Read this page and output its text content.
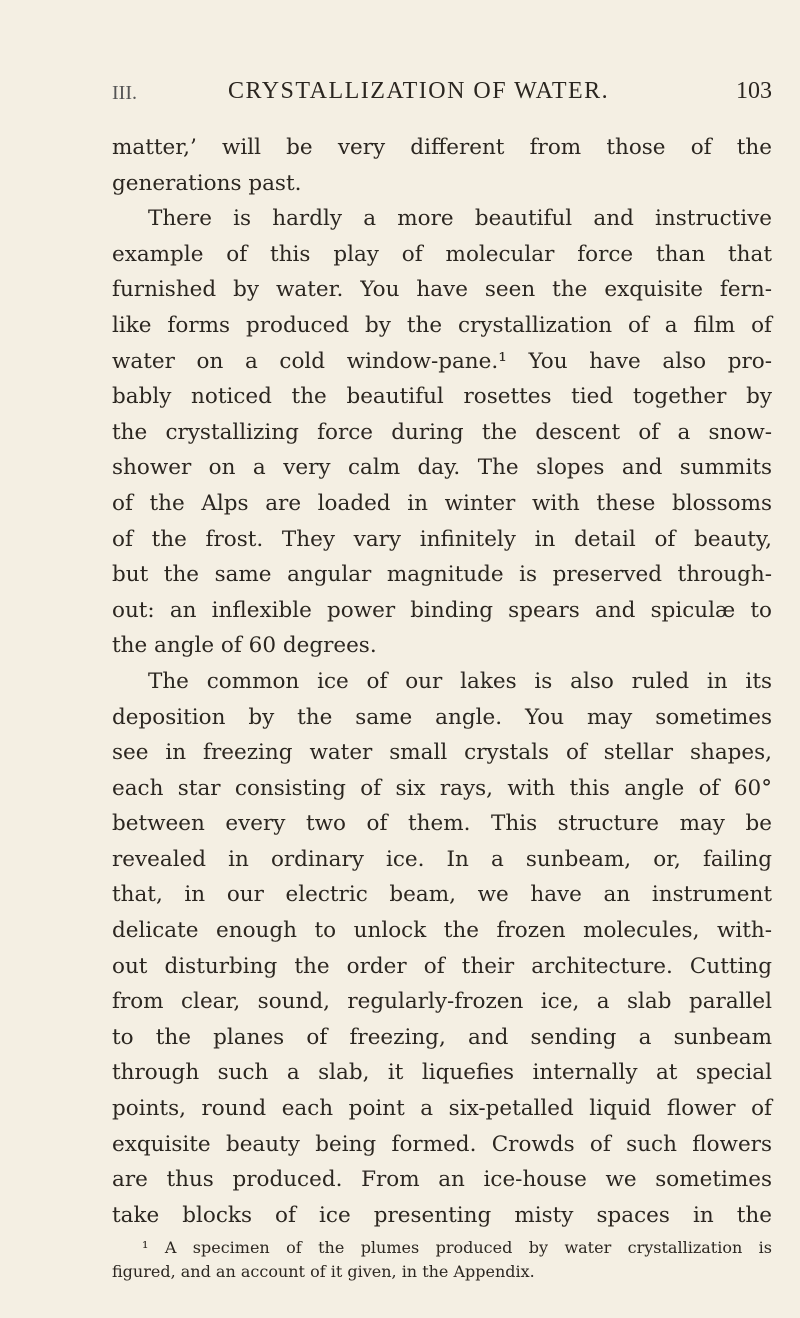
III.	CRYSTALLIZATION OF WATER.	103
matter,’ will be very different from those of the
generations past.
There is hardly a more beautiful and instructive
example of this play of molecular force than that
furnished by water. You have seen the exquisite fern-
like forms produced by the crystallization of a film of
water on a cold window-pane.¹ You have also pro-
bably noticed the beautiful rosettes tied together by
the crystallizing force during the descent of a snow-
shower on a very calm day. The slopes and summits
of the Alps are loaded in winter with these blossoms
of the frost. They vary infinitely in detail of beauty,
but the same angular magnitude is preserved through-
out: an inflexible power binding spears and spiculæ to
the angle of 60 degrees.
The common ice of our lakes is also ruled in its
deposition by the same angle. You may sometimes
see in freezing water small crystals of stellar shapes,
each star consisting of six rays, with this angle of 60°
between every two of them. This structure may be
revealed in ordinary ice. In a sunbeam, or, failing
that, in our electric beam, we have an instrument
delicate enough to unlock the frozen molecules, with-
out disturbing the order of their architecture. Cutting
from clear, sound, regularly-frozen ice, a slab parallel
to the planes of freezing, and sending a sunbeam
through such a slab, it liquefies internally at special
points, round each point a six-petalled liquid flower of
exquisite beauty being formed. Crowds of such flowers
are thus produced. From an ice-house we sometimes
take blocks of ice presenting misty spaces in the
¹ A specimen of the plumes produced by water crystallization is
figured, and an account of it given, in the Appendix.
